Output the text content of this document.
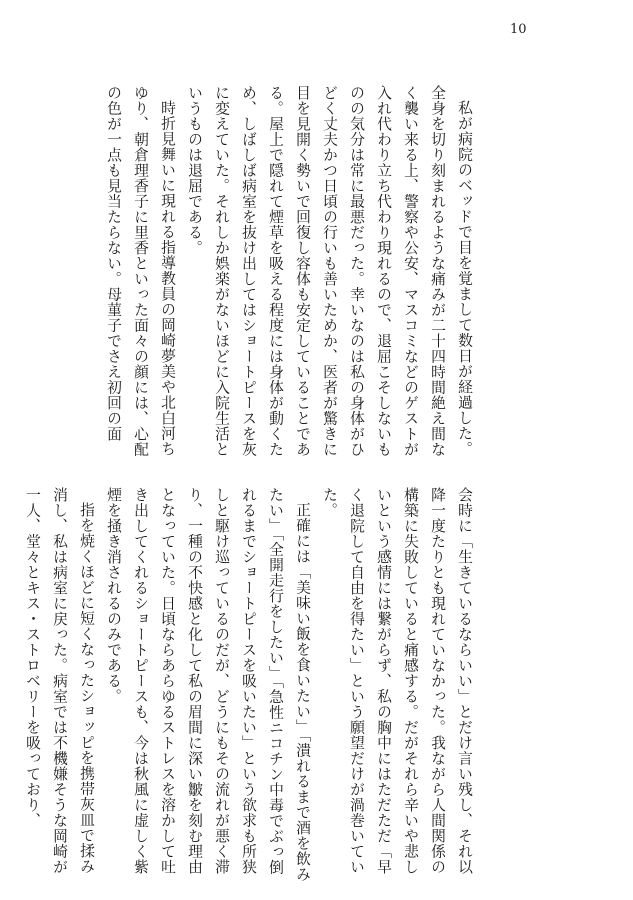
10

私が病院のベッドで目を覚まして数日が経過した。全身を切り刻まれるような痛みが二十四時間絶え間なく襲い来る上、警察や公安、マスコミなどのゲストが入れ代わり立ち代わり現れるので、退屈こそしないものの気分は常に最悪だった。幸いなのは私の身体がひどく丈夫かつ日頃の行いも善いためか、医者が驚きに目を見開く勢いで回復し容体も安定していることである。屋上で隠れて煙草を吸える程度には身体が動くため、しばしば病室を抜け出してはショートピースを灰に変えていた。それしか娯楽がないほどに入院生活というものは退屈である。

時折見舞いに現れる指導教員の岡崎夢美や北白河ちゆり、朝倉理香子に里香といった面々の顔には、心配の色が一点も見当たらない。母菫子でさえ初回の面

会時に「生きているならいい」とだけ言い残し、それ以降一度たりとも現れていなかった。我ながら人間関係の構築に失敗していると痛感する。だがそれら辛いや悲しいという感情には繋がらず、私の胸中にはただただ「早く退院して自由を得たい」という願望だけが渦巻いていた。

正確には「美味い飯を食いたい」「潰れるまで酒を飲みたい」「全開走行をしたい」「急性ニコチン中毒でぶっ倒れるまでショートピースを吸いたい」という欲求も所狭しと駆け巡っているのだが、どうにもその流れが悪く滞り、一種の不快感と化して私の眉間に深い皺を刻む理由となっていた。日頃ならあらゆるストレスを溶かして吐き出してくれるショートピースも、今は秋風に虚しく紫煙を掻き消されるのみである。

指を焼くほどに短くなったショッピを携帯灰皿で揉み消し、私は病室に戻った。病室では不機嫌そうな岡崎が一人、堂々とキス・ストロベリーを吸っており、
